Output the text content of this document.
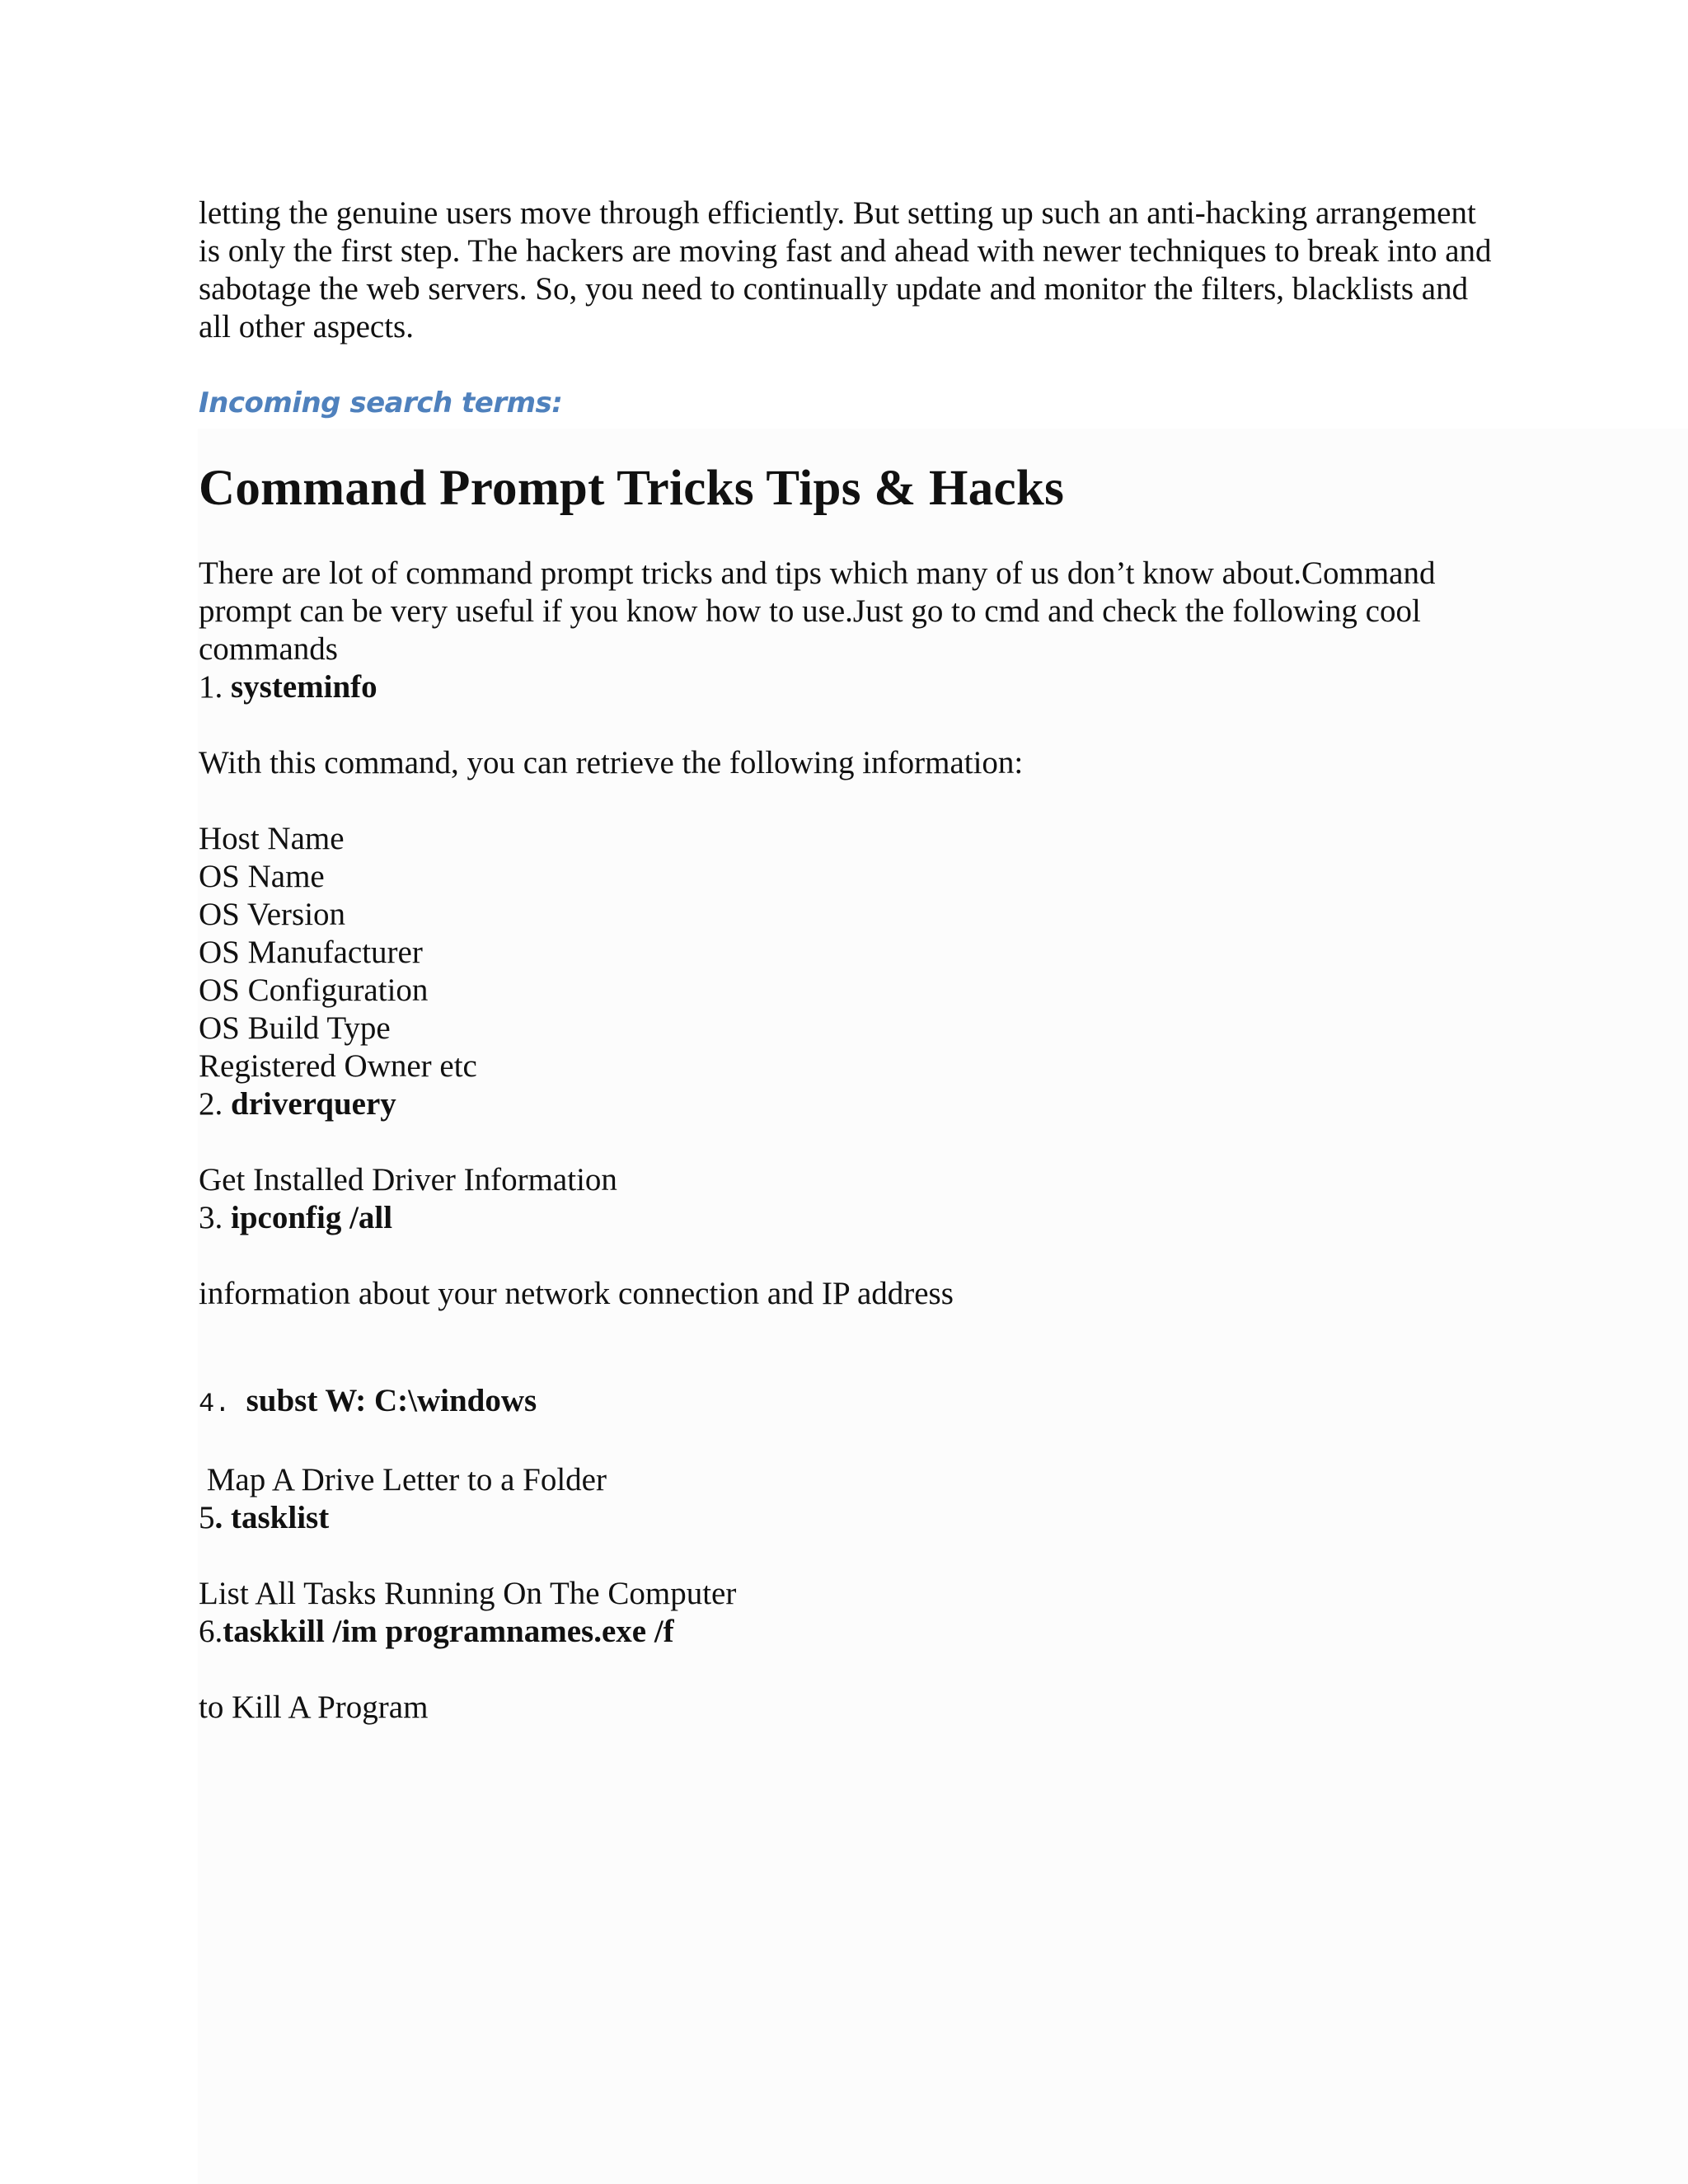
letting the genuine users move through efficiently. But setting up such an anti-hacking arrangement is only the first step. The hackers are moving fast and ahead with newer techniques to break into and sabotage the web servers. So, you need to continually update and monitor the filters, blacklists and all other aspects.

Incoming search terms:

Command Prompt Tricks Tips & Hacks

There are lot of command prompt tricks and tips which many of us don’t know about.Command prompt can be very useful if you know how to use.Just go to cmd and check the following cool commands

1. systeminfo

With this command, you can retrieve the following information:

Host Name
OS Name
OS Version
OS Manufacturer
OS Configuration
OS Build Type
Registered Owner etc

2. driverquery

Get Installed Driver Information

3. ipconfig /all

information about your network connection and IP address

4. subst W: C:\windows

Map A Drive Letter to a Folder

5. tasklist

List All Tasks Running On The Computer

6.taskkill /im programnames.exe /f

to Kill A Program
